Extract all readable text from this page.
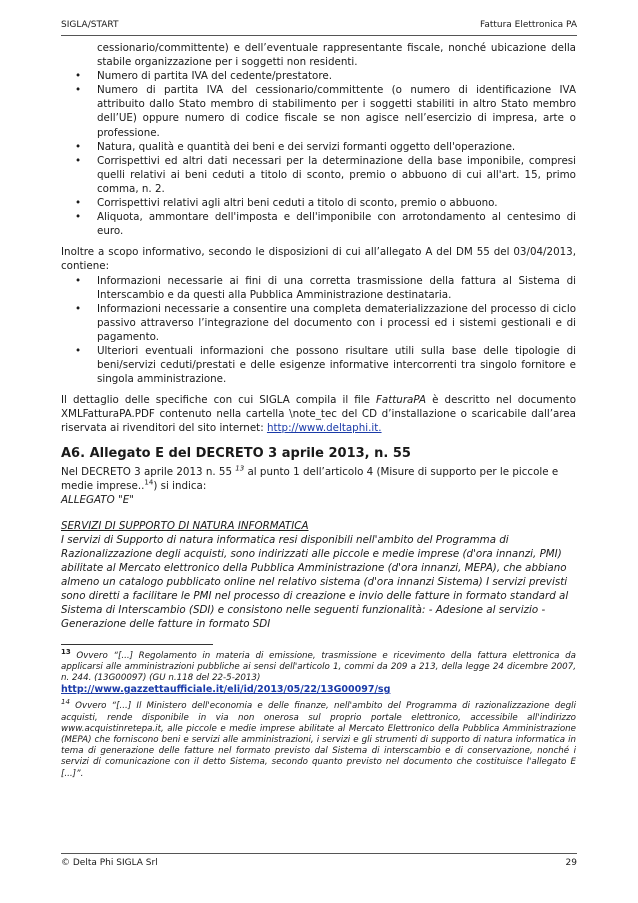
SIGLA/START	Fattura Elettronica PA
cessionario/committente) e dell’eventuale rappresentante fiscale, nonché ubicazione della stabile organizzazione per i soggetti non residenti.
• Numero di partita IVA del cedente/prestatore.
• Numero di partita IVA del cessionario/committente (o numero di identificazione IVA attribuito dallo Stato membro di stabilimento per i soggetti stabiliti in altro Stato membro dell’UE) oppure numero di codice fiscale se non agisce nell’esercizio di impresa, arte o professione.
• Natura, qualità e quantità dei beni e dei servizi formanti oggetto dell'operazione.
• Corrispettivi ed altri dati necessari per la determinazione della base imponibile, compresi quelli relativi ai beni ceduti a titolo di sconto, premio o abbuono di cui all'art. 15, primo comma, n. 2.
• Corrispettivi relativi agli altri beni ceduti a titolo di sconto, premio o abbuono.
• Aliquota, ammontare dell'imposta e dell'imponibile con arrotondamento al centesimo di euro.

Inoltre a scopo informativo, secondo le disposizioni di cui all’allegato A del DM 55 del 03/04/2013, contiene:

• Informazioni necessarie ai fini di una corretta trasmissione della fattura al Sistema di Interscambio e da questi alla Pubblica Amministrazione destinataria.
• Informazioni necessarie a consentire una completa dematerializzazione del processo di ciclo passivo attraverso l’integrazione del documento con i processi ed i sistemi gestionali e di pagamento.
• Ulteriori eventuali informazioni che possono risultare utili sulla base delle tipologie di beni/servizi ceduti/prestati e delle esigenze informative intercorrenti tra singolo fornitore e singola amministrazione.

Il dettaglio delle specifiche con cui SIGLA compila il file FatturaPA è descritto nel documento XMLFatturaPA.PDF contenuto nella cartella \note_tec del CD d’installazione o scaricabile dall’area riservata ai rivenditori del sito internet: http://www.deltaphi.it.

A6. Allegato E del DECRETO 3 aprile 2013, n. 55

Nel DECRETO 3 aprile 2013 n. 55 $^{13}$ al punto 1 dell’articolo 4 (Misure di supporto per le piccole e medie imprese..$^{14}$) si indica:

ALLEGATO "E"

SERVIZI DI SUPPORTO DI NATURA INFORMATICA

I servizi di Supporto di natura informatica resi disponibili nell'ambito del Programma di Razionalizzazione degli acquisti, sono indirizzati alle piccole e medie imprese (d'ora innanzi, PMI) abilitate al Mercato elettronico della Pubblica Amministrazione (d'ora innanzi, MEPA), che abbiano almeno un catalogo pubblicato online nel relativo sistema (d'ora innanzi Sistema) I servizi previsti sono diretti a facilitare le PMI nel processo di creazione e invio delle fatture in formato standard al Sistema di Interscambio (SDI) e consistono nelle seguenti funzionalità: - Adesione al servizio - Generazione delle fatture in formato SDI

$^{13}$ Ovvero “[...] Regolamento in materia di emissione, trasmissione e ricevimento della fattura elettronica da applicarsi alle amministrazioni pubbliche ai sensi dell'articolo 1, commi da 209 a 213, della legge 24 dicembre 2007, n. 244. (13G00097) (GU n.118 del 22-5-2013)
http://www.gazzettaufficiale.it/eli/id/2013/05/22/13G00097/sg

$^{14}$ Ovvero “[...] Il Ministero dell'economia e delle finanze, nell'ambito del Programma di razionalizzazione degli acquisti, rende disponibile in via non onerosa sul proprio portale elettronico, accessibile all'indirizzo www.acquistinretepa.it, alle piccole e medie imprese abilitate al Mercato Elettronico della Pubblica Amministrazione (MEPA) che forniscono beni e servizi alle amministrazioni, i servizi e gli strumenti di supporto di natura informatica in tema di generazione delle fatture nel formato previsto dal Sistema di interscambio e di conservazione, nonché i servizi di comunicazione con il detto Sistema, secondo quanto previsto nel documento che costituisce l'allegato E [...]”.

© Delta Phi SIGLA Srl	29
